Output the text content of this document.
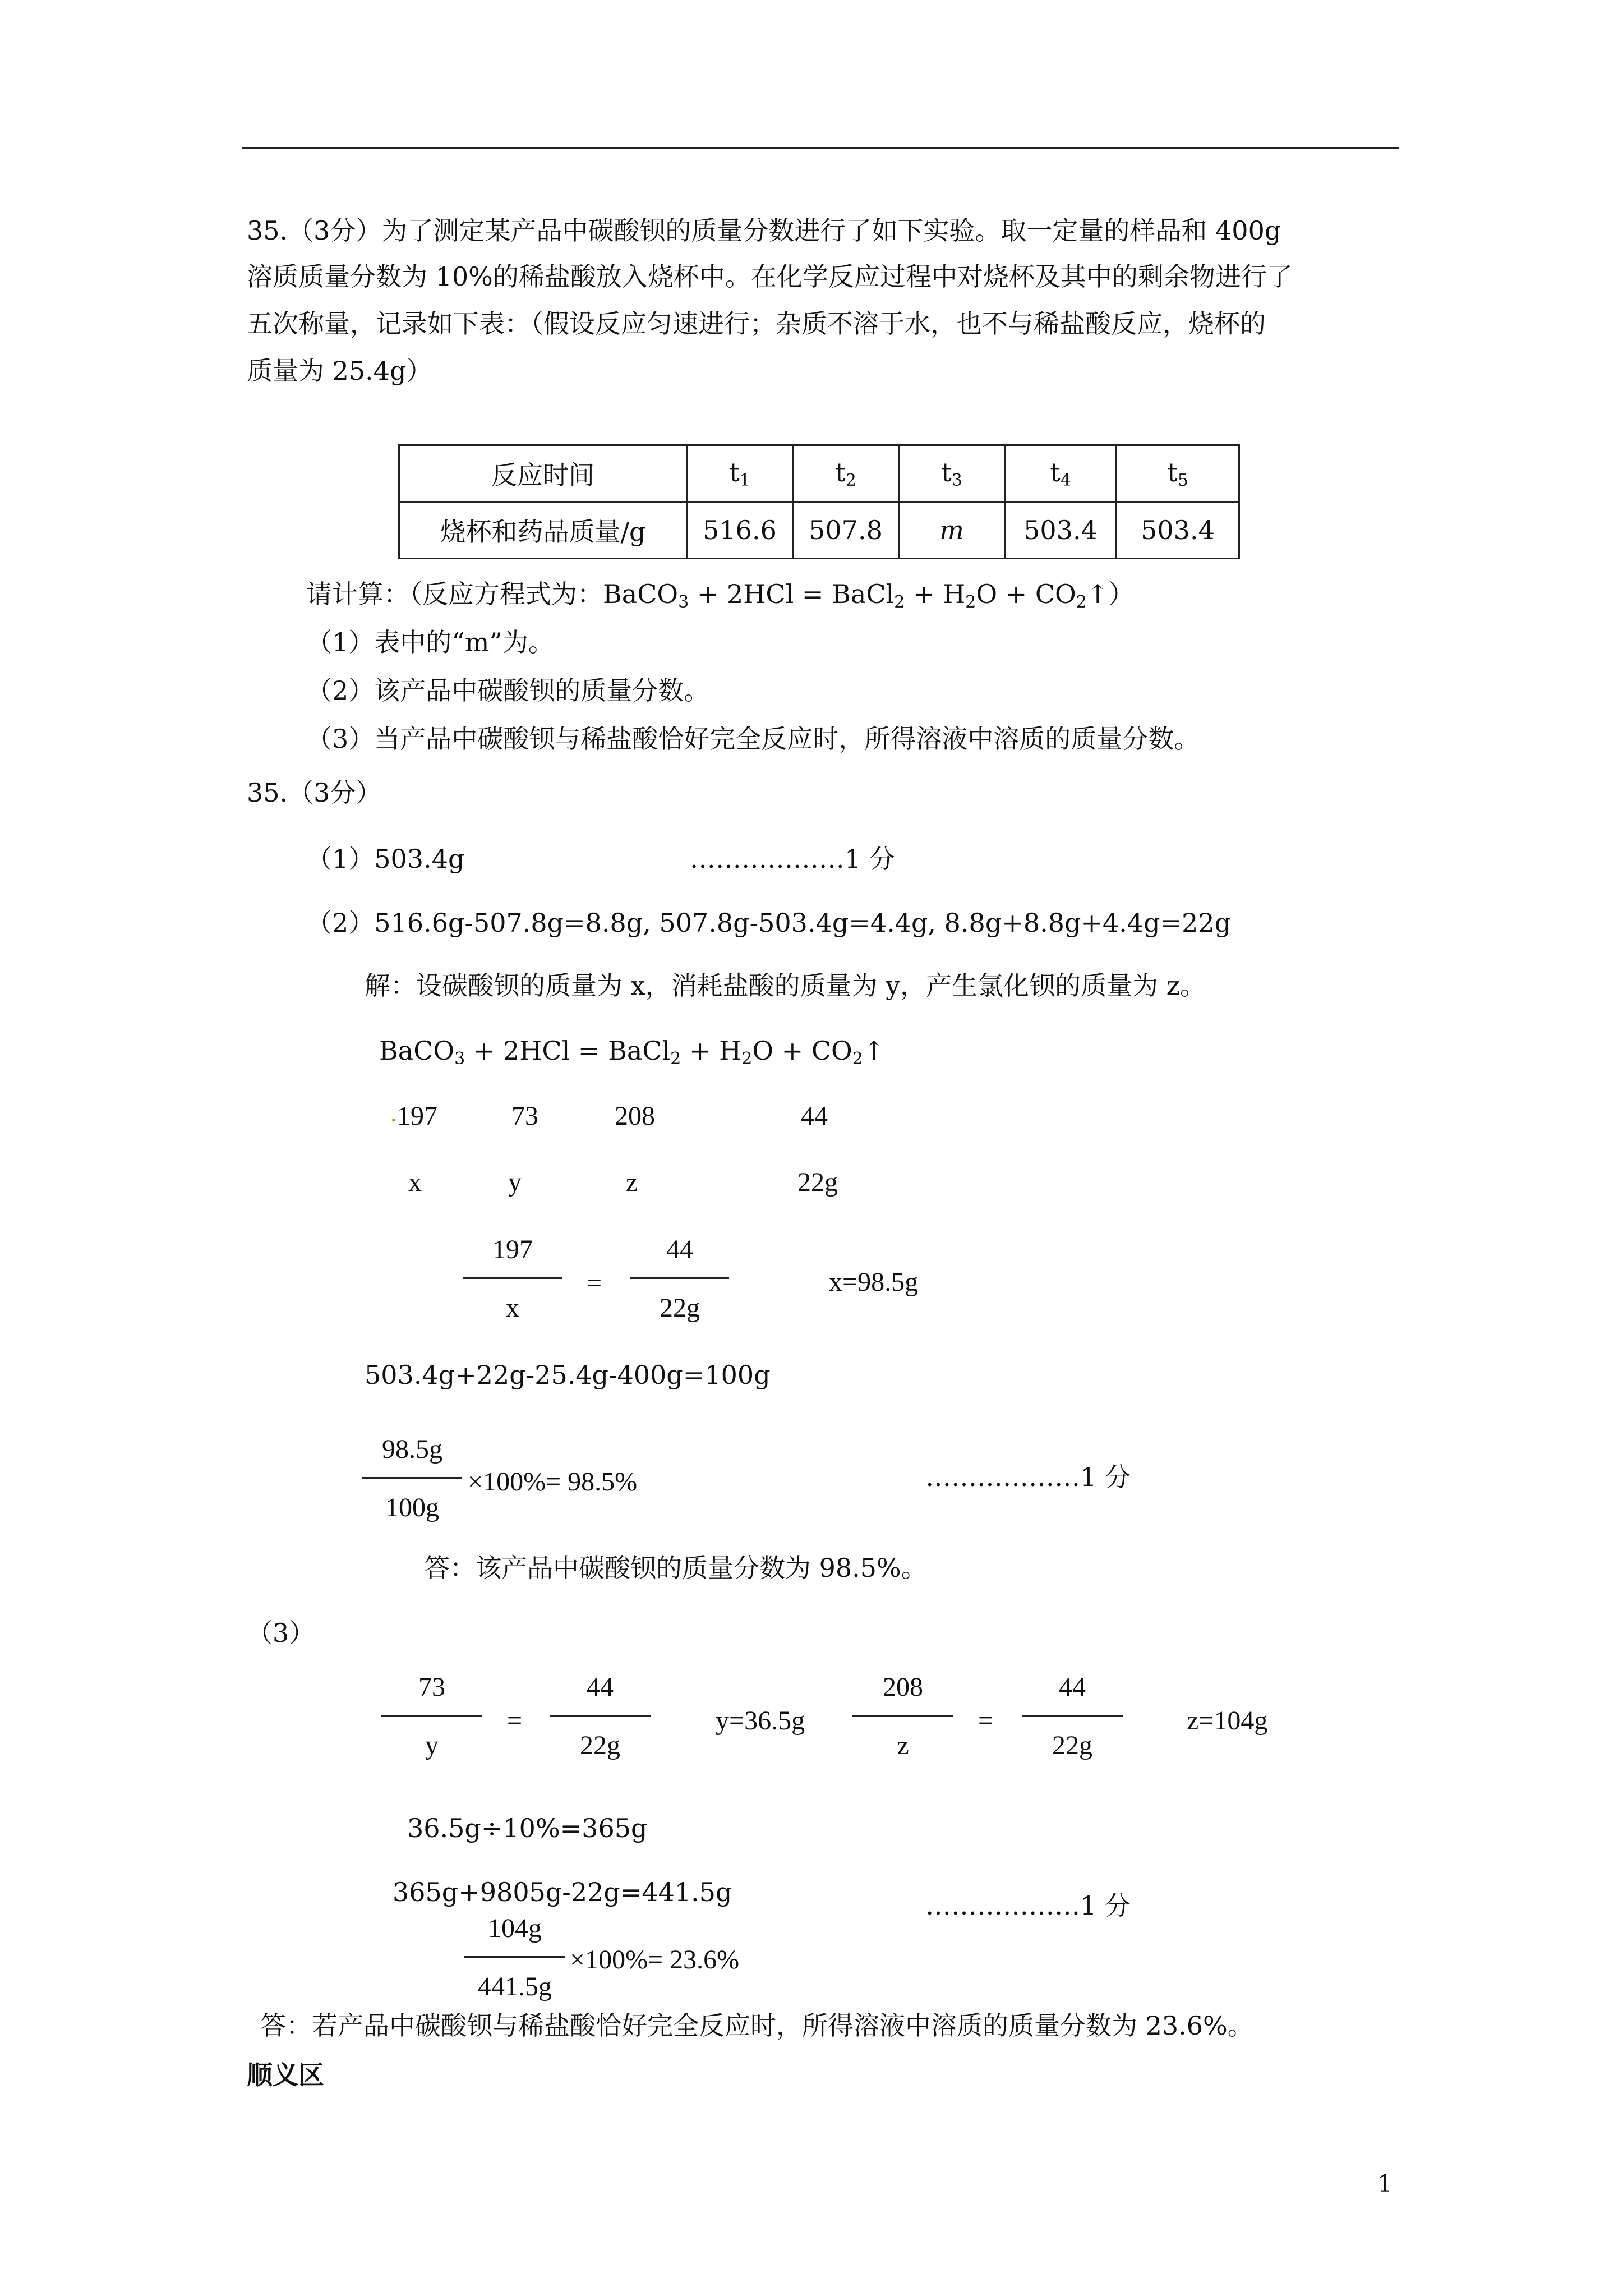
35.（3分）为了测定某产品中碳酸钡的质量分数进行了如下实验。取一定量的样品和 400g
溶质质量分数为 10%的稀盐酸放入烧杯中。在化学反应过程中对烧杯及其中的剩余物进行了
五次称量，记录如下表：（假设反应匀速进行；杂质不溶于水，也不与稀盐酸反应，烧杯的
质量为 25.4g）
反应时间	$t_1$	$t_2$	$t_3$	$t_4$	$t_5$
烧杯和药品质量/g	516.6	507.8	m	503.4	503.4
请计算：（反应方程式为：BaCO$_3$ + 2HCl = BaCl$_2$ + $H_2O$ + $CO_2↑$）
（1）表中的“m”为。
（2）该产品中碳酸钡的质量分数。
（3）当产品中碳酸钡与稀盐酸恰好完全反应时，所得溶液中溶质的质量分数。
35.（3分）
（1）503.4g	………………1 分
（2）516.6g-507.8g=8.8g, 507.8g-503.4g=4.4g, 8.8g+8.8g+4.4g=22g
解：设碳酸钡的质量为 x，消耗盐酸的质量为 y，产生氯化钡的质量为 z。
BaCO$_3$ + 2HCl = BaCl$_2$ + $H_2O$ + $CO_2↑$
. 197	73	208	44
x	y	z	22g
197
x
=
44
22g
x=98.5g
503.4g+22g-25.4g-400g=100g
98.5g
100g
×100%= 98.5%	………………1 分
答：该产品中碳酸钡的质量分数为 98.5%。
（3）
73
y
=
44
22g
y=36.5g
208
z
=
44
22g
z=104g
36.5g÷10%=365g
365g+9805g-22g=441.5g	………………1 分
104g
441.5g
×100%= 23.6%
答：若产品中碳酸钡与稀盐酸恰好完全反应时，所得溶液中溶质的质量分数为 23.6%。
顺义区
1
